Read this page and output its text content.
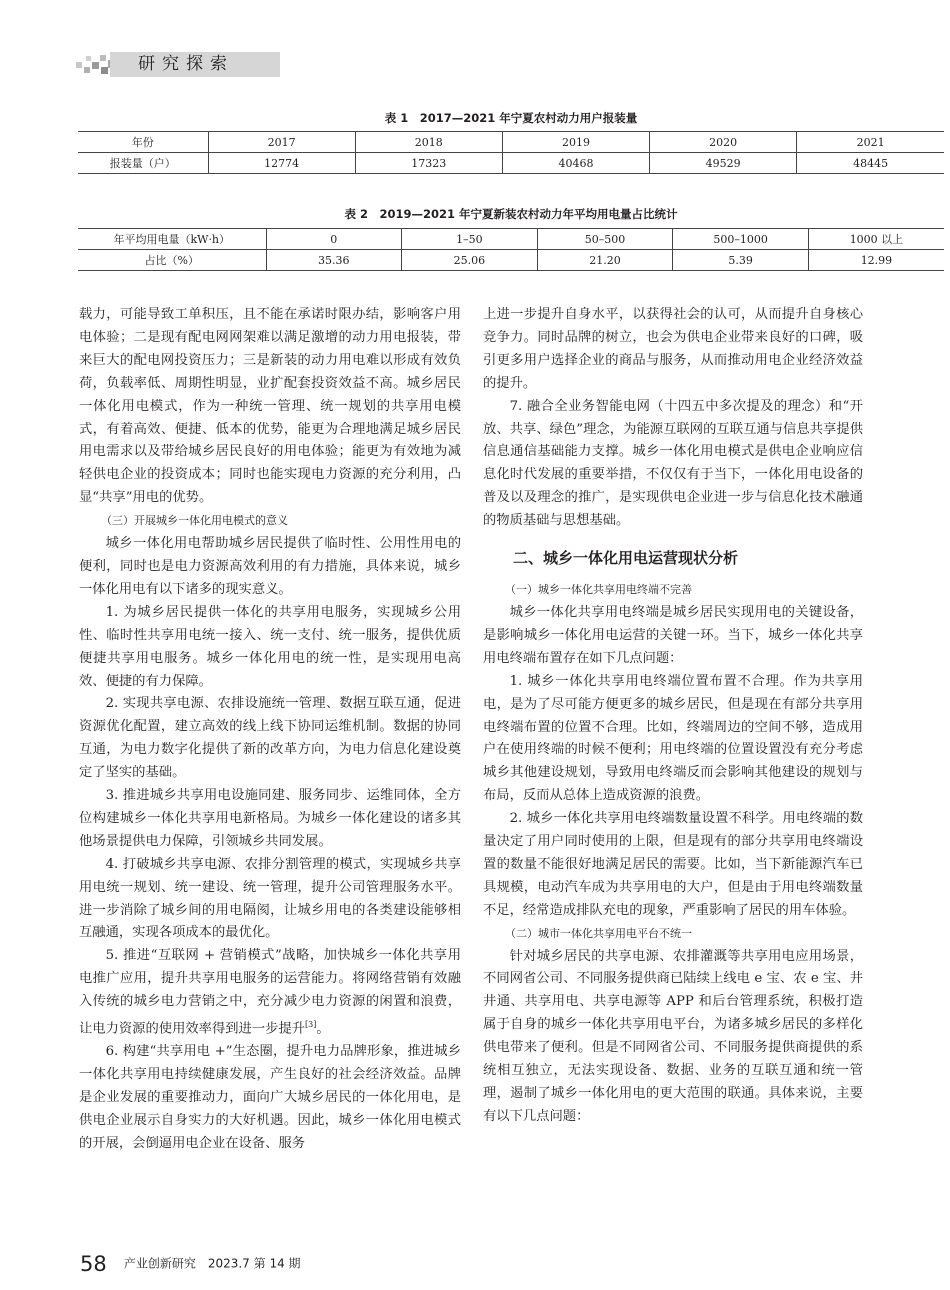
研究探索
表 1　2017—2021 年宁夏农村动力用户报装量
年份	2017	2018	2019	2020	2021
报装量（户）	12774	17323	40468	49529	48445
表 2　2019—2021 年宁夏新装农村动力年平均用电量占比统计
年平均用电量（kW·h）	0	1–50	50–500	500–1000	1000 以上
占比（%）	35.36	25.06	21.20	5.39	12.99

载力，可能导致工单积压，且不能在承诺时限办结，影响客户用电体验；二是现有配电网网架难以满足激增的动力用电报装，带来巨大的配电网投资压力；三是新装的动力用电难以形成有效负荷，负载率低、周期性明显，业扩配套投资效益不高。城乡居民一体化用电模式，作为一种统一管理、统一规划的共享用电模式，有着高效、便捷、低本的优势，能更为合理地满足城乡居民用电需求以及带给城乡居民良好的用电体验；能更为有效地为减轻供电企业的投资成本；同时也能实现电力资源的充分利用，凸显“共享”用电的优势。

（三）开展城乡一体化用电模式的意义

城乡一体化用电帮助城乡居民提供了临时性、公用性用电的便利，同时也是电力资源高效利用的有力措施，具体来说，城乡一体化用电有以下诸多的现实意义。

1. 为城乡居民提供一体化的共享用电服务，实现城乡公用性、临时性共享用电统一接入、统一支付、统一服务，提供优质便捷共享用电服务。城乡一体化用电的统一性，是实现用电高效、便捷的有力保障。

2. 实现共享电源、农排设施统一管理、数据互联互通，促进资源优化配置，建立高效的线上线下协同运维机制。数据的协同互通，为电力数字化提供了新的改革方向，为电力信息化建设奠定了坚实的基础。

3. 推进城乡共享用电设施同建、服务同步、运维同体，全方位构建城乡一体化共享用电新格局。为城乡一体化建设的诸多其他场景提供电力保障，引领城乡共同发展。

4. 打破城乡共享电源、农排分割管理的模式，实现城乡共享用电统一规划、统一建设、统一管理，提升公司管理服务水平。进一步消除了城乡间的用电隔阂，让城乡用电的各类建设能够相互融通，实现各项成本的最优化。

5. 推进“互联网 + 营销模式”战略，加快城乡一体化共享用电推广应用，提升共享用电服务的运营能力。将网络营销有效融入传统的城乡电力营销之中，充分减少电力资源的闲置和浪费，让电力资源的使用效率得到进一步提升[3]。

6. 构建“共享用电 +”生态圈，提升电力品牌形象，推进城乡一体化共享用电持续健康发展，产生良好的社会经济效益。品牌是企业发展的重要推动力，面向广大城乡居民的一体化用电，是供电企业展示自身实力的大好机遇。因此，城乡一体化用电模式的开展，会倒逼用电企业在设备、服务

上进一步提升自身水平，以获得社会的认可，从而提升自身核心竞争力。同时品牌的树立，也会为供电企业带来良好的口碑，吸引更多用户选择企业的商品与服务，从而推动用电企业经济效益的提升。

7. 融合全业务智能电网（十四五中多次提及的理念）和“开放、共享、绿色”理念，为能源互联网的互联互通与信息共享提供信息通信基础能力支撑。城乡一体化用电模式是供电企业响应信息化时代发展的重要举措，不仅仅有于当下，一体化用电设备的普及以及理念的推广，是实现供电企业进一步与信息化技术融通的物质基础与思想基础。

二、城乡一体化用电运营现状分析

（一）城乡一体化共享用电终端不完善

城乡一体化共享用电终端是城乡居民实现用电的关键设备，是影响城乡一体化用电运营的关键一环。当下，城乡一体化共享用电终端布置存在如下几点问题：

1. 城乡一体化共享用电终端位置布置不合理。作为共享用电，是为了尽可能方便更多的城乡居民，但是现在有部分共享用电终端布置的位置不合理。比如，终端周边的空间不够，造成用户在使用终端的时候不便利；用电终端的位置设置没有充分考虑城乡其他建设规划，导致用电终端反而会影响其他建设的规划与布局，反而从总体上造成资源的浪费。

2. 城乡一体化共享用电终端数量设置不科学。用电终端的数量决定了用户同时使用的上限，但是现有的部分共享用电终端设置的数量不能很好地满足居民的需要。比如，当下新能源汽车已具规模，电动汽车成为共享用电的大户，但是由于用电终端数量不足，经常造成排队充电的现象，严重影响了居民的用车体验。

（二）城市一体化共享用电平台不统一

针对城乡居民的共享电源、农排灌溉等共享用电应用场景，不同网省公司、不同服务提供商已陆续上线电 e 宝、农 e 宝、井井通、共享用电、共享电源等 APP 和后台管理系统，积极打造属于自身的城乡一体化共享用电平台，为诸多城乡居民的多样化供电带来了便利。但是不同网省公司、不同服务提供商提供的系统相互独立，无法实现设备、数据、业务的互联互通和统一管理，遏制了城乡一体化用电的更大范围的联通。具体来说，主要有以下几点问题：

58 产业创新研究　2023.7 第 14 期
